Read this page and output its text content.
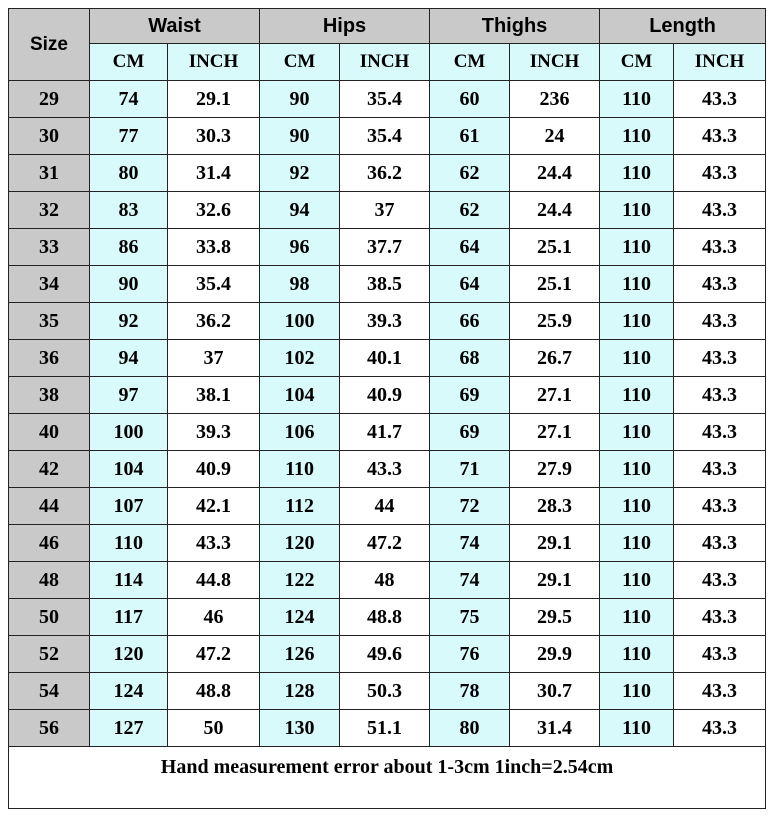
Size	Waist		Hips		Thighs		Length	
	CM	INCH	CM	INCH	CM	INCH	CM	INCH
29	74	29.1	90	35.4	60	236	110	43.3
30	77	30.3	90	35.4	61	24	110	43.3
31	80	31.4	92	36.2	62	24.4	110	43.3
32	83	32.6	94	37	62	24.4	110	43.3
33	86	33.8	96	37.7	64	25.1	110	43.3
34	90	35.4	98	38.5	64	25.1	110	43.3
35	92	36.2	100	39.3	66	25.9	110	43.3
36	94	37	102	40.1	68	26.7	110	43.3
38	97	38.1	104	40.9	69	27.1	110	43.3
40	100	39.3	106	41.7	69	27.1	110	43.3
42	104	40.9	110	43.3	71	27.9	110	43.3
44	107	42.1	112	44	72	28.3	110	43.3
46	110	43.3	120	47.2	74	29.1	110	43.3
48	114	44.8	122	48	74	29.1	110	43.3
50	117	46	124	48.8	75	29.5	110	43.3
52	120	47.2	126	49.6	76	29.9	110	43.3
54	124	48.8	128	50.3	78	30.7	110	43.3
56	127	50	130	51.1	80	31.4	110	43.3
Hand measurement error about 1-3cm 1inch=2.54cm								
